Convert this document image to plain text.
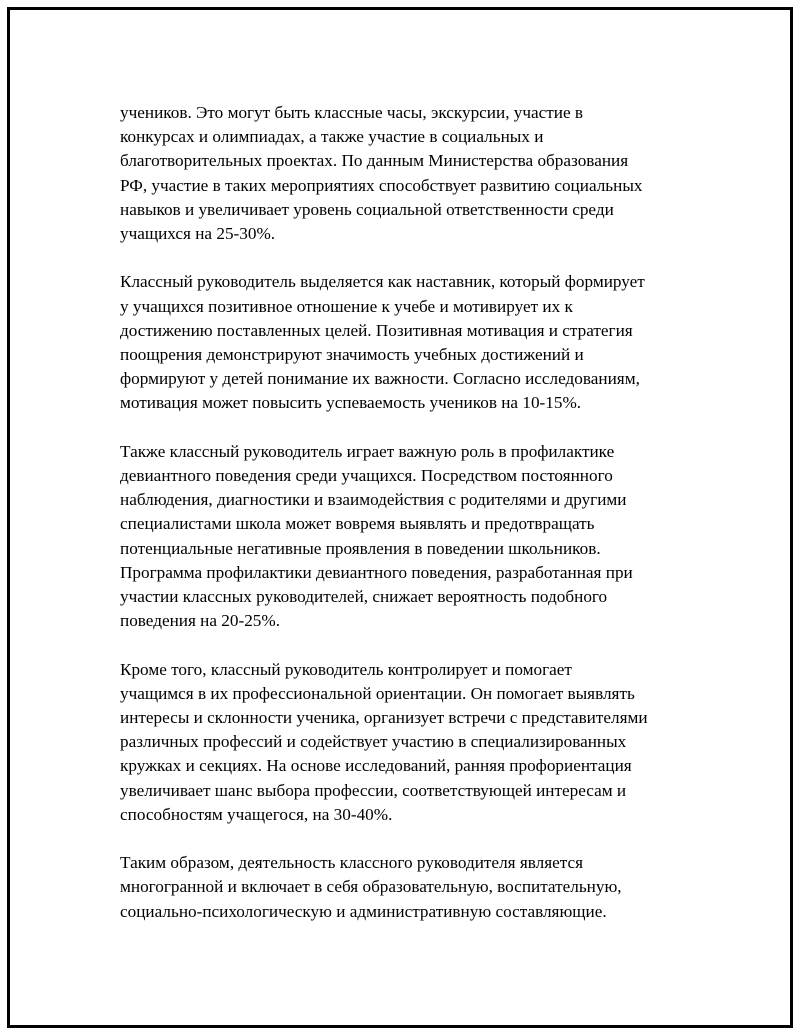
учеников. Это могут быть классные часы, экскурсии, участие в
конкурсах и олимпиадах, а также участие в социальных и
благотворительных проектах. По данным Министерства образования
РФ, участие в таких мероприятиях способствует развитию социальных
навыков и увеличивает уровень социальной ответственности среди
учащихся на 25-30%.

Классный руководитель выделяется как наставник, который формирует
у учащихся позитивное отношение к учебе и мотивирует их к
достижению поставленных целей. Позитивная мотивация и стратегия
поощрения демонстрируют значимость учебных достижений и
формируют у детей понимание их важности. Согласно исследованиям,
мотивация может повысить успеваемость учеников на 10-15%.

Также классный руководитель играет важную роль в профилактике
девиантного поведения среди учащихся. Посредством постоянного
наблюдения, диагностики и взаимодействия с родителями и другими
специалистами школа может вовремя выявлять и предотвращать
потенциальные негативные проявления в поведении школьников.
Программа профилактики девиантного поведения, разработанная при
участии классных руководителей, снижает вероятность подобного
поведения на 20-25%.

Кроме того, классный руководитель контролирует и помогает
учащимся в их профессиональной ориентации. Он помогает выявлять
интересы и склонности ученика, организует встречи с представителями
различных профессий и содействует участию в специализированных
кружках и секциях. На основе исследований, ранняя профориентация
увеличивает шанс выбора профессии, соответствующей интересам и
способностям учащегося, на 30-40%.

Таким образом, деятельность классного руководителя является
многогранной и включает в себя образовательную, воспитательную,
социально-психологическую и административную составляющие.
